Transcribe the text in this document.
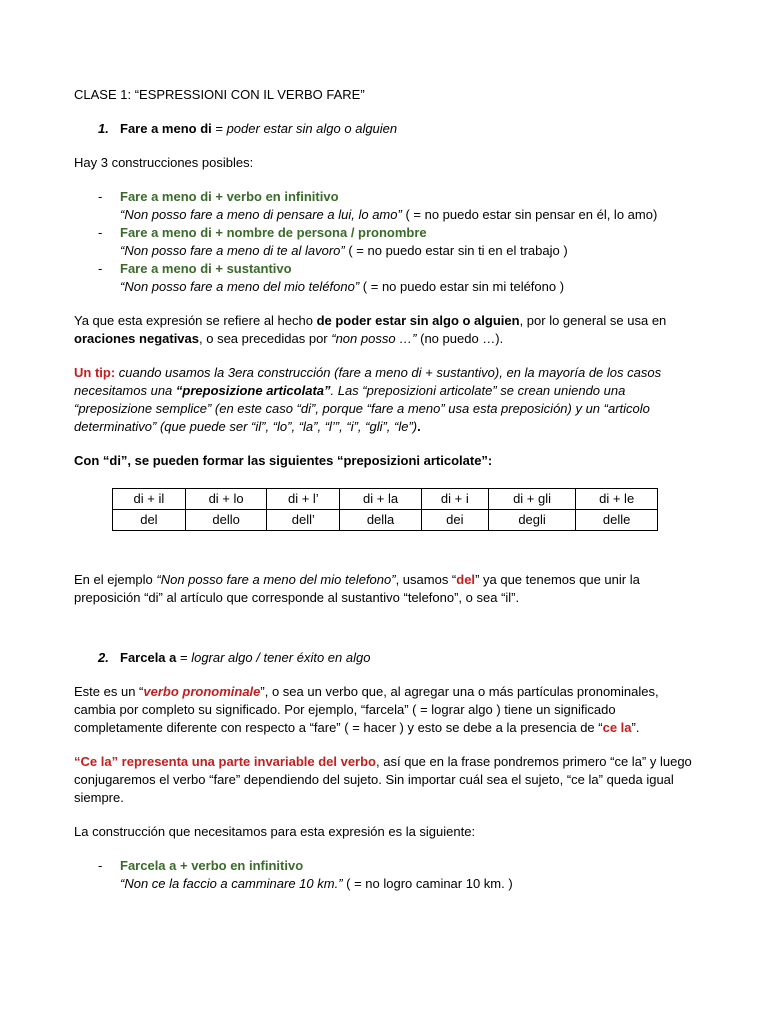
CLASE 1: “ESPRESSIONI CON IL VERBO FARE”
1. Fare a meno di = poder estar sin algo o alguien

Hay 3 construcciones posibles:

- Fare a meno di + verbo en infinitivo
“Non posso fare a meno di pensare a lui, lo amo” ( = no puedo estar sin pensar en él, lo amo)
- Fare a meno di + nombre de persona / pronombre
“Non posso fare a meno di te al lavoro” ( = no puedo estar sin ti en el trabajo )
- Fare a meno di + sustantivo
“Non posso fare a meno del mio teléfono” ( = no puedo estar sin mi teléfono )

Ya que esta expresión se refiere al hecho de poder estar sin algo o alguien, por lo general se usa en oraciones negativas, o sea precedidas por “non posso …” (no puedo …).

Un tip: cuando usamos la 3era construcción (fare a meno di + sustantivo), en la mayoría de los casos necesitamos una “preposizione articolata”. Las “preposizioni articolate” se crean uniendo una “preposizione semplice” (en este caso “di”, porque “fare a meno” usa esta preposición) y un “articolo determinativo” (que puede ser “il”, “lo”, “la”, “l’”, “i”, “gli”, “le”).

Con “di”, se pueden formar las siguientes “preposizioni articolate”:

di + il	di + lo	di + l’	di + la	di + i	di + gli	di + le
del	dello	dell’	della	dei	degli	delle

En el ejemplo “Non posso fare a meno del mio telefono”, usamos “del” ya que tenemos que unir la preposición “di” al artículo que corresponde al sustantivo “telefono”, o sea “il”.

2. Farcela a = lograr algo / tener éxito en algo

Este es un “verbo pronominale”, o sea un verbo que, al agregar una o más partículas pronominales, cambia por completo su significado. Por ejemplo, “farcela” ( = lograr algo ) tiene un significado completamente diferente con respecto a “fare” ( = hacer ) y esto se debe a la presencia de “ce la”.

“Ce la” representa una parte invariable del verbo, así que en la frase pondremos primero “ce la” y luego conjugaremos el verbo “fare” dependiendo del sujeto. Sin importar cuál sea el sujeto, “ce la” queda igual siempre.

La construcción que necesitamos para esta expresión es la siguiente:

- Farcela a + verbo en infinitivo
“Non ce la faccio a camminare 10 km.” ( = no logro caminar 10 km. )
